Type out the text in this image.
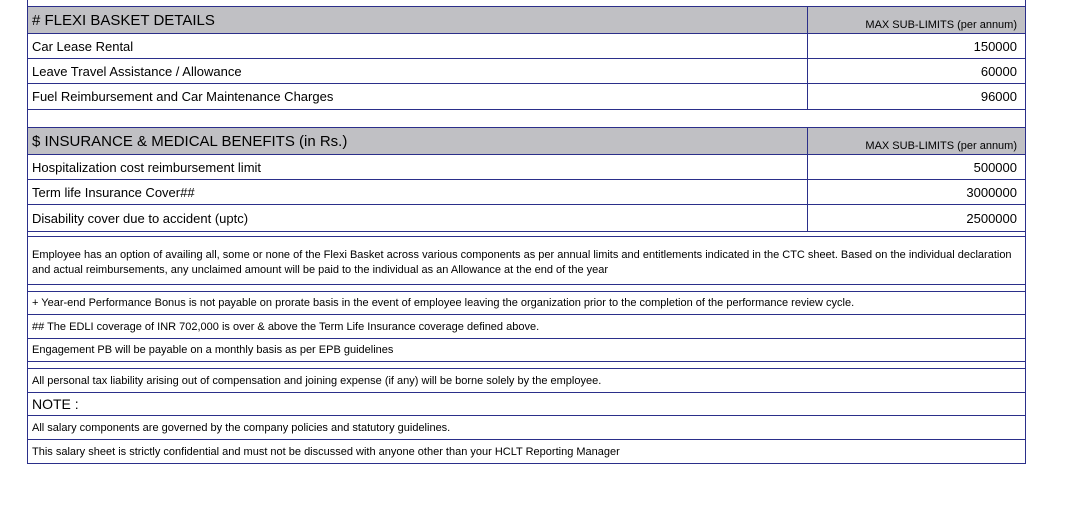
# FLEXI BASKET DETAILS	MAX SUB-LIMITS (per annum)
Car Lease Rental	150000
Leave Travel Assistance / Allowance	60000
Fuel Reimbursement and Car Maintenance Charges	96000
$ INSURANCE & MEDICAL BENEFITS (in Rs.)	MAX SUB-LIMITS (per annum)
Hospitalization cost reimbursement limit	500000
Term life Insurance Cover##	3000000
Disability cover due to accident (uptc)	2500000
Employee has an option of availing all, some or none of the Flexi Basket across various components as per annual limits and entitlements indicated in the CTC sheet. Based on the individual declaration and actual reimbursements, any unclaimed amount will be paid to the individual as an Allowance at the end of the year
+ Year-end Performance Bonus is not payable on prorate basis in the event of employee leaving the organization prior to the completion of the performance review cycle.
## The EDLI coverage of INR 702,000 is over & above the Term Life Insurance coverage defined above.
Engagement PB will be payable on a monthly basis as per EPB guidelines
All personal tax liability arising out of compensation and joining expense (if any) will be borne solely by the employee.
NOTE :
All salary components are governed by the company policies and statutory guidelines.
This salary sheet is strictly confidential and must not be discussed with anyone other than your HCLT Reporting Manager
